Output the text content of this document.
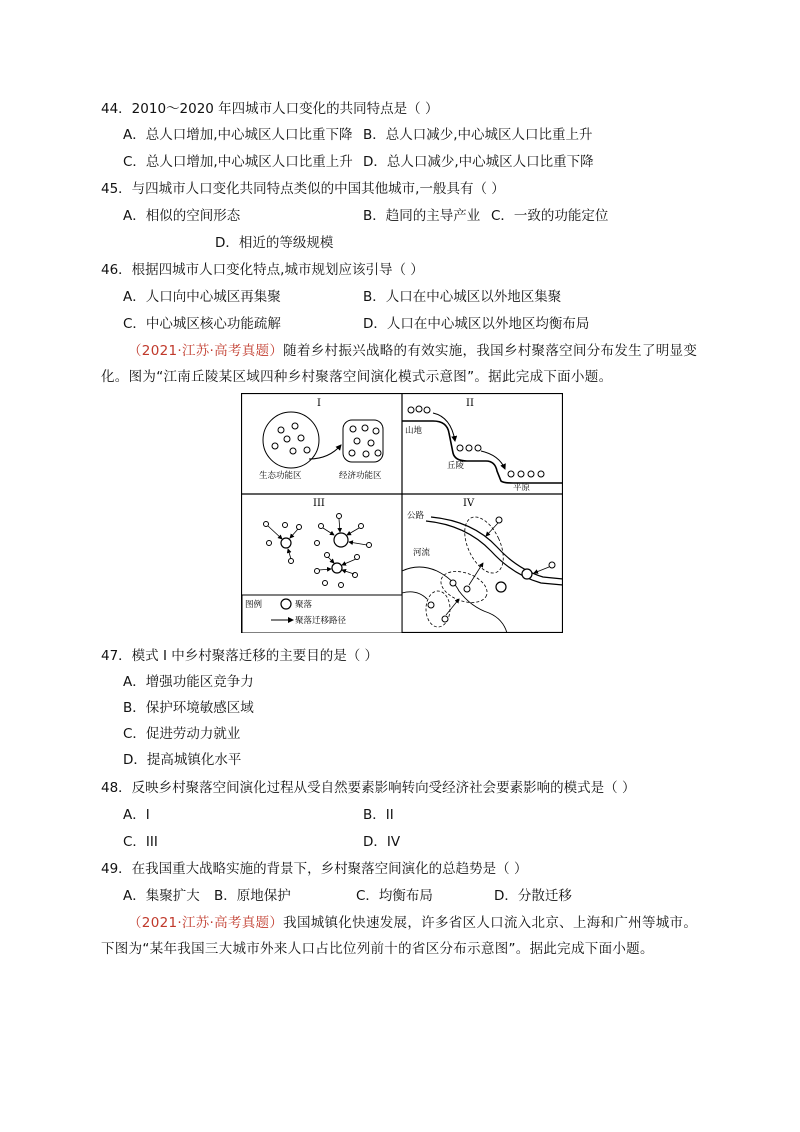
44．2010～2020 年四城市人口变化的共同特点是（ ）
A．总人口增加,中心城区人口比重下降 B．总人口减少,中心城区人口比重上升
C．总人口增加,中心城区人口比重上升 D．总人口减少,中心城区人口比重下降
45．与四城市人口变化共同特点类似的中国其他城市,一般具有（ ）
A．相似的空间形态	B．趋同的主导产业 C．一致的功能定位
D．相近的等级规模
46．根据四城市人口变化特点,城市规划应该引导（ ）
A．人口向中心城区再集聚	B．人口在中心城区以外地区集聚
C．中心城区核心功能疏解	D．人口在中心城区以外地区均衡布局
（2021·江苏·高考真题）随着乡村振兴战略的有效实施，我国乡村聚落空间分布发生了明显变化。图为“江南丘陵某区域四种乡村聚落空间演化模式示意图”。据此完成下面小题。
I
生态功能区	经济功能区
II
山地
丘陵
平原
III
图例	聚落
聚落迁移路径
IV
公路
河流
47．模式 I 中乡村聚落迁移的主要目的是（ ）
A．增强功能区竞争力
B．保护环境敏感区域
C．促进劳动力就业
D．提高城镇化水平
48．反映乡村聚落空间演化过程从受自然要素影响转向受经济社会要素影响的模式是（ ）
A．I	B．II
C．III	D．IV
49．在我国重大战略实施的背景下，乡村聚落空间演化的总趋势是（ ）
A．集聚扩大 B．原地保护	C．均衡布局	D．分散迁移
（2021·江苏·高考真题）我国城镇化快速发展，许多省区人口流入北京、上海和广州等城市。下图为“某年我国三大城市外来人口占比位列前十的省区分布示意图”。据此完成下面小题。
